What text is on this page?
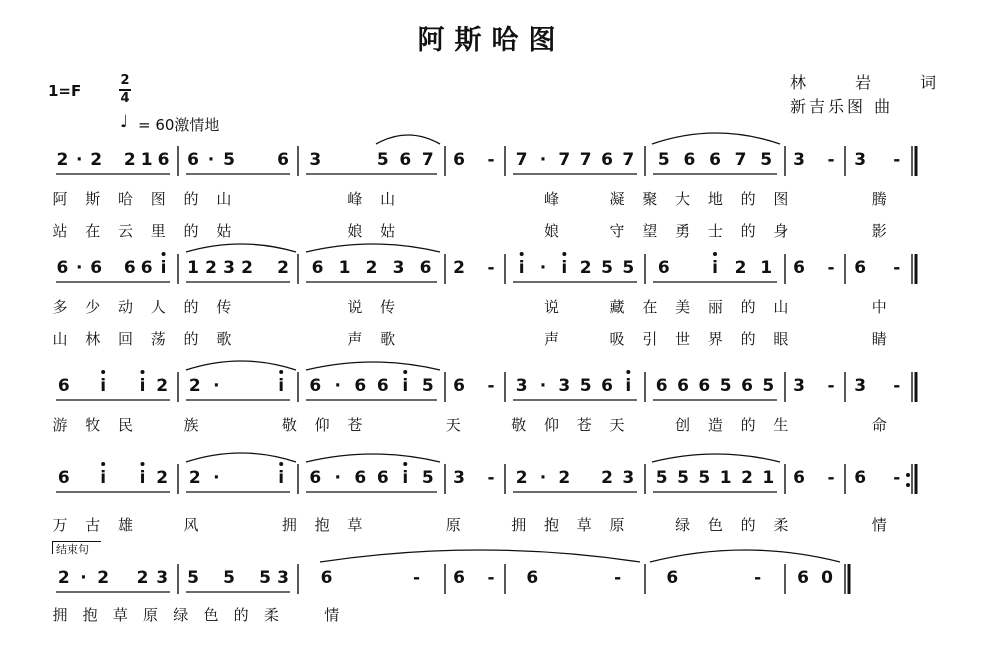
阿斯哈图
林 岩 词
新吉乐图 曲
1=F
2
4
♩ = 60激情地
结束句
2 · 2 2 1 6 6 · 5 6 3	5 6 7 6	-	7 · 7 7 6 7 5 6 6 7 5 3	-	3	-
阿 斯 哈 图 的 山	峰 山	峰	凝 聚 大 地 的 图	腾
站 在 云 里 的 姑	娘 姑	娘	守 望 勇 士 的 身	影
6 · 6 6 6 i	1 2 3 2 2 6 1 2 3 6 2	-	i · i 2 5 5 6	i 2 1 6	-	6	-
多 少 动 人 的 传	说 传	说	藏 在 美 丽 的 山	中
山 林 回 荡 的 歌	声 歌	声	吸 引 世 界 的 眼	睛
6	i	i 2 2 ·	i	6 · 6 6 i 5 6	-	3 · 3 5 6 i	6 6 6 5 6 5 3	-	3	-
游 牧 民	族	敬 仰 苍	天	敬 仰 苍 天	创 造 的 生	命
6	i	i 2 2 ·	i	6 · 6 6 i 5 3	-	2 · 2 2 3 5 5 5 1 2 1 6	-	6	-
万 古 雄	风	拥 抱 草	原	拥 抱 草 原	绿 色 的 柔	情
2 · 2 2 3 5 5 5 3 6	-	6	-	6	-	6	-	6 0
拥 抱 草 原 绿 色 的 柔	情
